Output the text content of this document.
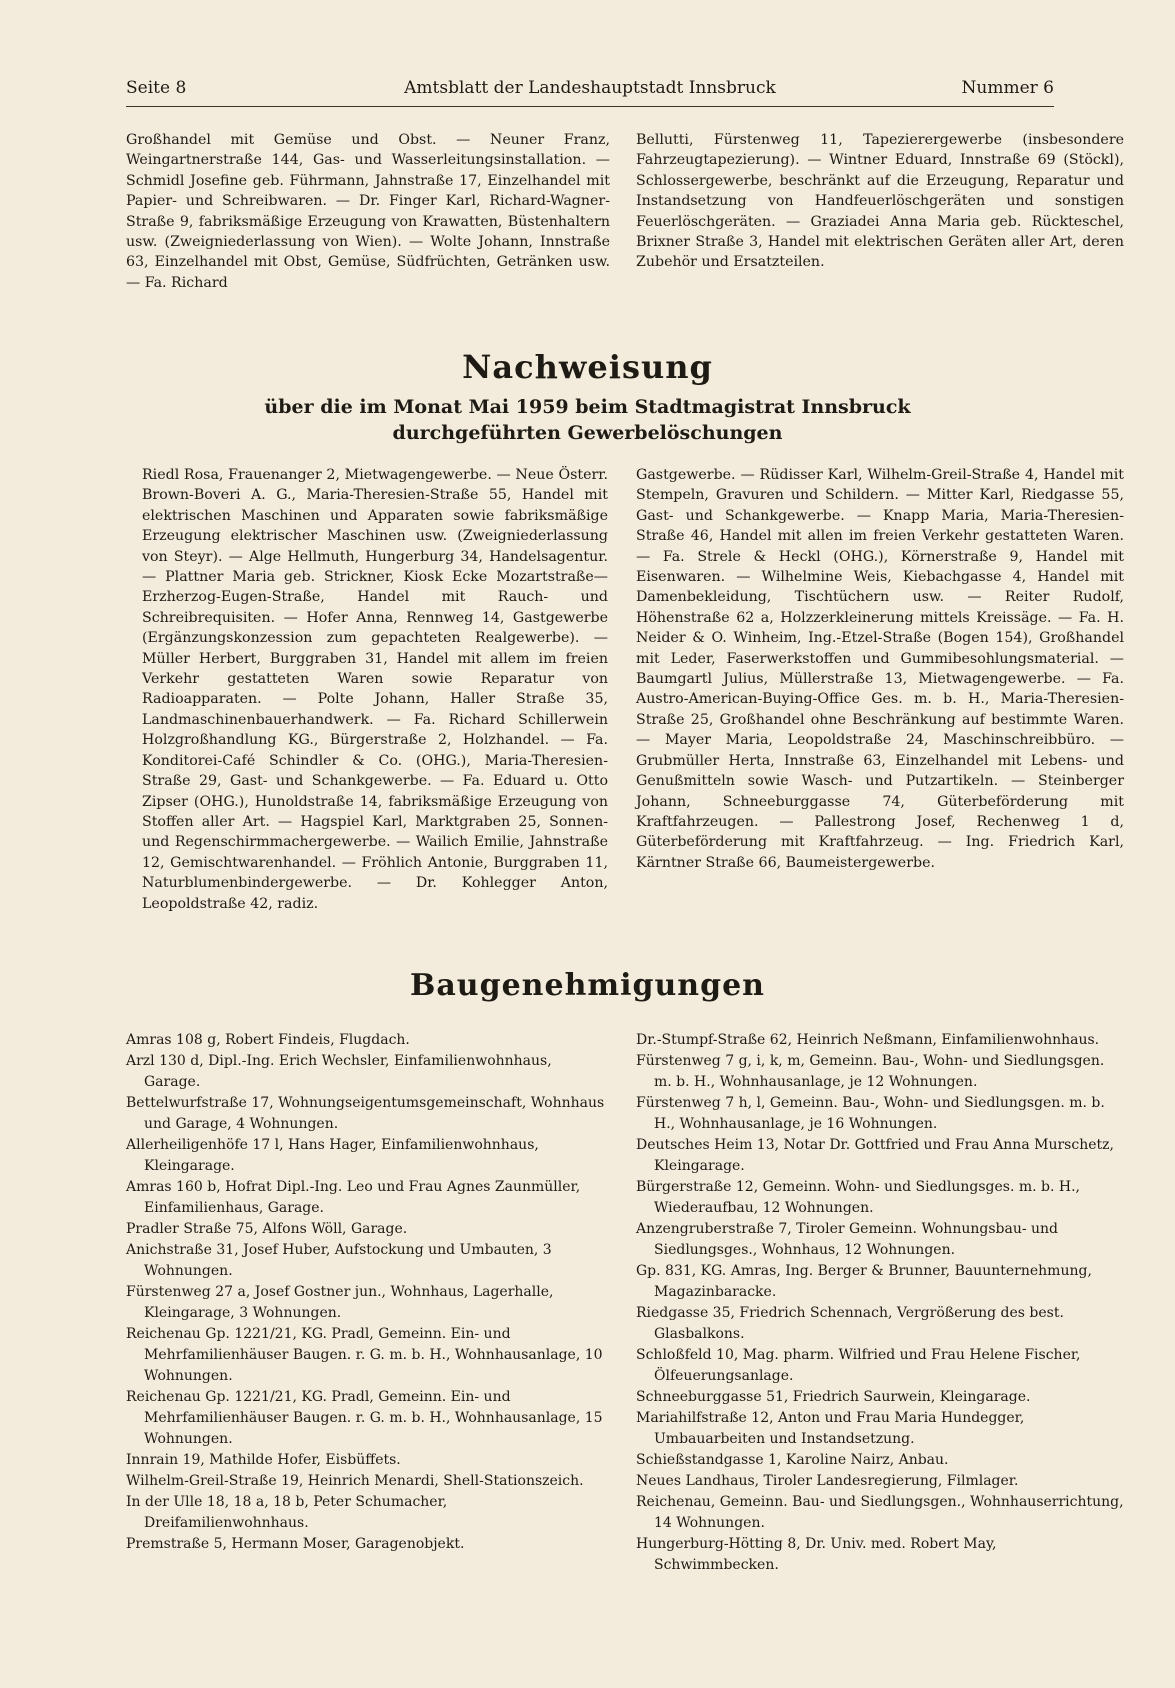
Seite 8	Amtsblatt der Landeshauptstadt Innsbruck	Nummer 6

Großhandel mit Gemüse und Obst. — Neuner Franz, Weingartnerstraße 144, Gas- und Wasserleitungsinstallation. — Schmidl Josefine geb. Führmann, Jahnstraße 17, Einzelhandel mit Papier- und Schreibwaren. — Dr. Finger Karl, Richard-Wagner-Straße 9, fabriksmäßige Erzeugung von Krawatten, Büstenhaltern usw. (Zweigniederlassung von Wien). — Wolte Johann, Innstraße 63, Einzelhandel mit Obst, Gemüse, Südfrüchten, Getränken usw. — Fa. Richard

Bellutti, Fürstenweg 11, Tapezierergewerbe (insbesondere Fahrzeugtapezierung). — Wintner Eduard, Innstraße 69 (Stöckl), Schlossergewerbe, beschränkt auf die Erzeugung, Reparatur und Instandsetzung von Handfeuerlöschgeräten und sonstigen Feuerlöschgeräten. — Graziadei Anna Maria geb. Rückteschel, Brixner Straße 3, Handel mit elektrischen Geräten aller Art, deren Zubehör und Ersatzteilen.

Nachweisung
über die im Monat Mai 1959 beim Stadtmagistrat Innsbruck
durchgeführten Gewerbelöschungen

Riedl Rosa, Frauenanger 2, Mietwagengewerbe. — Neue Österr. Brown-Boveri A. G., Maria-Theresien-Straße 55, Handel mit elektrischen Maschinen und Apparaten sowie fabriksmäßige Erzeugung elektrischer Maschinen usw. (Zweigniederlassung von Steyr). — Alge Hellmuth, Hungerburg 34, Handelsagentur. — Plattner Maria geb. Strickner, Kiosk Ecke Mozartstraße—Erzherzog-Eugen-Straße, Handel mit Rauch- und Schreibrequisiten. — Hofer Anna, Rennweg 14, Gastgewerbe (Ergänzungskonzession zum gepachteten Realgewerbe). — Müller Herbert, Burggraben 31, Handel mit allem im freien Verkehr gestatteten Waren sowie Reparatur von Radioapparaten. — Polte Johann, Haller Straße 35, Landmaschinenbauerhandwerk. — Fa. Richard Schillerwein Holzgroßhandlung KG., Bürgerstraße 2, Holzhandel. — Fa. Konditorei-Café Schindler & Co. (OHG.), Maria-Theresien-Straße 29, Gast- und Schankgewerbe. — Fa. Eduard u. Otto Zipser (OHG.), Hunoldstraße 14, fabriksmäßige Erzeugung von Stoffen aller Art. — Hagspiel Karl, Marktgraben 25, Sonnen- und Regenschirmmachergewerbe. — Wailich Emilie, Jahnstraße 12, Gemischtwarenhandel. — Fröhlich Antonie, Burggraben 11, Naturblumenbindergewerbe. — Dr. Kohlegger Anton, Leopoldstraße 42, radiz.

Gastgewerbe. — Rüdisser Karl, Wilhelm-Greil-Straße 4, Handel mit Stempeln, Gravuren und Schildern. — Mitter Karl, Riedgasse 55, Gast- und Schankgewerbe. — Knapp Maria, Maria-Theresien-Straße 46, Handel mit allen im freien Verkehr gestatteten Waren. — Fa. Strele & Heckl (OHG.), Körnerstraße 9, Handel mit Eisenwaren. — Wilhelmine Weis, Kiebachgasse 4, Handel mit Damenbekleidung, Tischtüchern usw. — Reiter Rudolf, Höhenstraße 62 a, Holzzerkleinerung mittels Kreissäge. — Fa. H. Neider & O. Winheim, Ing.-Etzel-Straße (Bogen 154), Großhandel mit Leder, Faserwerkstoffen und Gummibesohlungsmaterial. — Baumgartl Julius, Müllerstraße 13, Mietwagengewerbe. — Fa. Austro-American-Buying-Office Ges. m. b. H., Maria-Theresien-Straße 25, Großhandel ohne Beschränkung auf bestimmte Waren. — Mayer Maria, Leopoldstraße 24, Maschinschreibbüro. — Grubmüller Herta, Innstraße 63, Einzelhandel mit Lebens- und Genußmitteln sowie Wasch- und Putzartikeln. — Steinberger Johann, Schneeburggasse 74, Güterbeförderung mit Kraftfahrzeugen. — Pallestrong Josef, Rechenweg 1 d, Güterbeförderung mit Kraftfahrzeug. — Ing. Friedrich Karl, Kärntner Straße 66, Baumeistergewerbe.

Baugenehmigungen

Amras 108 g, Robert Findeis, Flugdach.

Arzl 130 d, Dipl.-Ing. Erich Wechsler, Einfamilienwohnhaus, Garage.

Bettelwurfstraße 17, Wohnungseigentumsgemeinschaft, Wohnhaus und Garage, 4 Wohnungen.

Allerheiligenhöfe 17 l, Hans Hager, Einfamilienwohnhaus, Kleingarage.

Amras 160 b, Hofrat Dipl.-Ing. Leo und Frau Agnes Zaunmüller, Einfamilienhaus, Garage.

Pradler Straße 75, Alfons Wöll, Garage.

Anichstraße 31, Josef Huber, Aufstockung und Umbauten, 3 Wohnungen.

Fürstenweg 27 a, Josef Gostner jun., Wohnhaus, Lagerhalle, Kleingarage, 3 Wohnungen.

Reichenau Gp. 1221/21, KG. Pradl, Gemeinn. Ein- und Mehrfamilienhäuser Baugen. r. G. m. b. H., Wohnhausanlage, 10 Wohnungen.

Reichenau Gp. 1221/21, KG. Pradl, Gemeinn. Ein- und Mehrfamilienhäuser Baugen. r. G. m. b. H., Wohnhausanlage, 15 Wohnungen.

Innrain 19, Mathilde Hofer, Eisbüffets.

Wilhelm-Greil-Straße 19, Heinrich Menardi, Shell-Stationszeich.

In der Ulle 18, 18 a, 18 b, Peter Schumacher, Dreifamilienwohnhaus.

Premstraße 5, Hermann Moser, Garagenobjekt.

Dr.-Stumpf-Straße 62, Heinrich Neßmann, Einfamilienwohnhaus.

Fürstenweg 7 g, i, k, m, Gemeinn. Bau-, Wohn- und Siedlungsgen. m. b. H., Wohnhausanlage, je 12 Wohnungen.

Fürstenweg 7 h, l, Gemeinn. Bau-, Wohn- und Siedlungsgen. m. b. H., Wohnhausanlage, je 16 Wohnungen.

Deutsches Heim 13, Notar Dr. Gottfried und Frau Anna Murschetz, Kleingarage.

Bürgerstraße 12, Gemeinn. Wohn- und Siedlungsges. m. b. H., Wiederaufbau, 12 Wohnungen.

Anzengruberstraße 7, Tiroler Gemeinn. Wohnungsbau- und Siedlungsges., Wohnhaus, 12 Wohnungen.

Gp. 831, KG. Amras, Ing. Berger & Brunner, Bauunternehmung, Magazinbaracke.

Riedgasse 35, Friedrich Schennach, Vergrößerung des best. Glasbalkons.

Schloßfeld 10, Mag. pharm. Wilfried und Frau Helene Fischer, Ölfeuerungsanlage.

Schneeburggasse 51, Friedrich Saurwein, Kleingarage.

Mariahilfstraße 12, Anton und Frau Maria Hundegger, Umbauarbeiten und Instandsetzung.

Schießstandgasse 1, Karoline Nairz, Anbau.

Neues Landhaus, Tiroler Landesregierung, Filmlager.

Reichenau, Gemeinn. Bau- und Siedlungsgen., Wohnhauserrichtung, 14 Wohnungen.

Hungerburg-Hötting 8, Dr. Univ. med. Robert May, Schwimmbecken.
